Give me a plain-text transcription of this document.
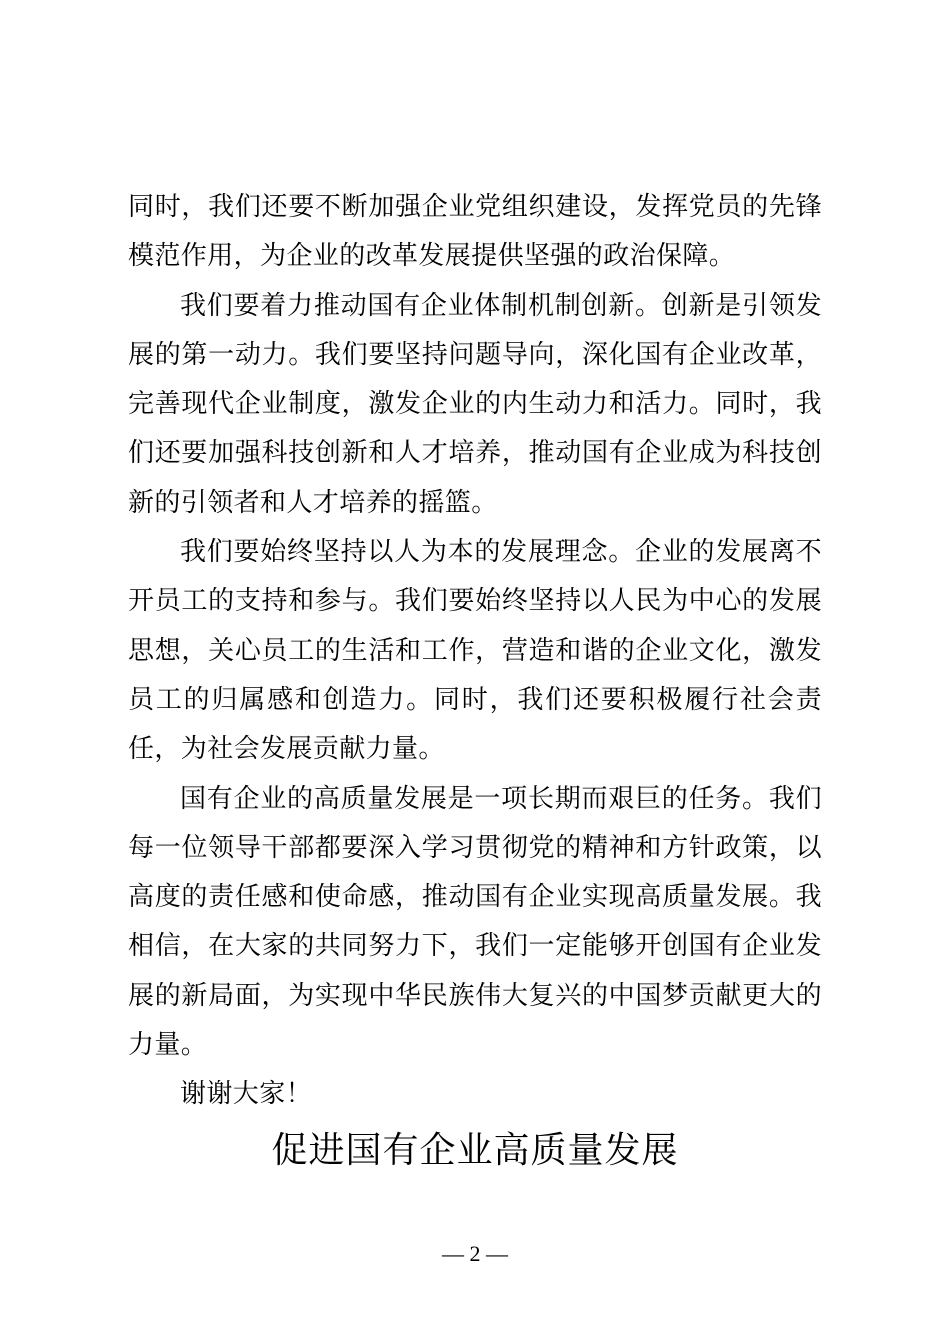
同时，我们还要不断加强企业党组织建设，发挥党员的先锋模范作用，为企业的改革发展提供坚强的政治保障。

我们要着力推动国有企业体制机制创新。创新是引领发展的第一动力。我们要坚持问题导向，深化国有企业改革，完善现代企业制度，激发企业的内生动力和活力。同时，我们还要加强科技创新和人才培养，推动国有企业成为科技创新的引领者和人才培养的摇篮。

我们要始终坚持以人为本的发展理念。企业的发展离不开员工的支持和参与。我们要始终坚持以人民为中心的发展思想，关心员工的生活和工作，营造和谐的企业文化，激发员工的归属感和创造力。同时，我们还要积极履行社会责任，为社会发展贡献力量。

国有企业的高质量发展是一项长期而艰巨的任务。我们每一位领导干部都要深入学习贯彻党的精神和方针政策，以高度的责任感和使命感，推动国有企业实现高质量发展。我相信，在大家的共同努力下，我们一定能够开创国有企业发展的新局面，为实现中华民族伟大复兴的中国梦贡献更大的力量。

谢谢大家！

促进国有企业高质量发展
— 2 —
